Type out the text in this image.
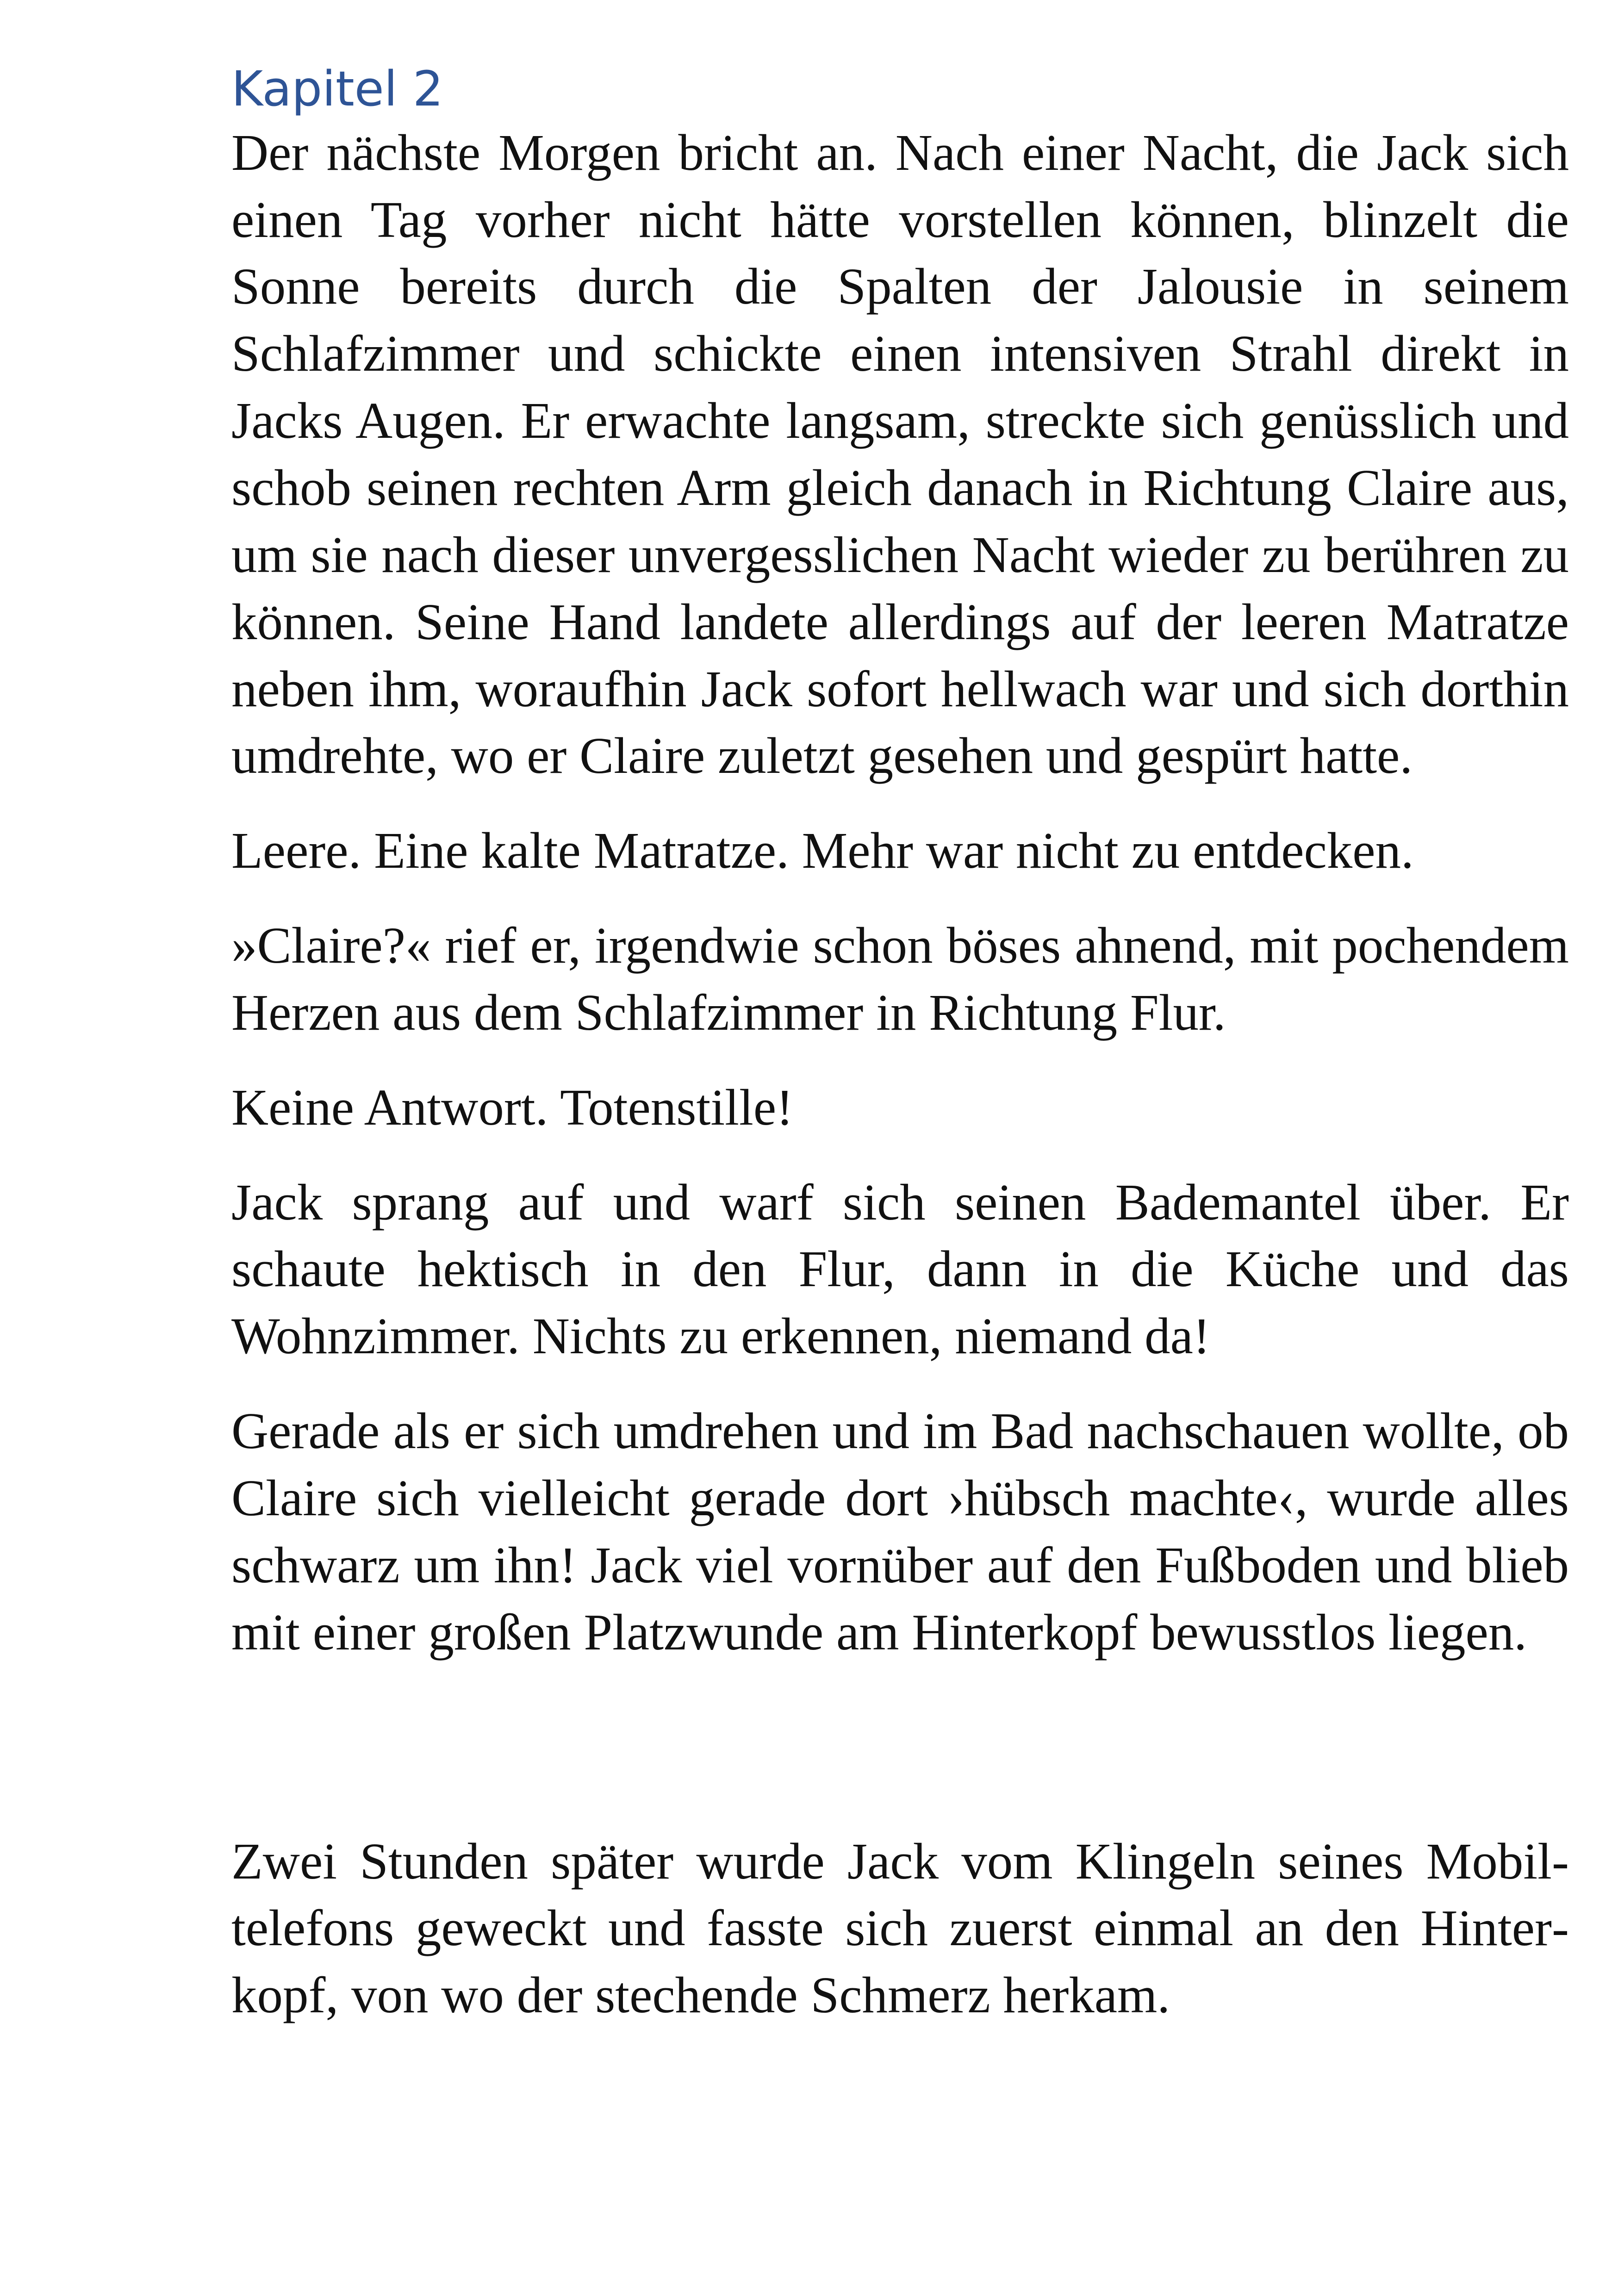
Kapitel 2

Der nächste Morgen bricht an. Nach einer Nacht, die Jack sich einen Tag vorher nicht hätte vorstellen können, blinzelt die Sonne bereits durch die Spalten der Jalousie in seinem Schlafzimmer und schickte einen intensiven Strahl direkt in Jacks Augen. Er erwachte langsam, streckte sich genüsslich und schob seinen rechten Arm gleich danach in Richtung Claire aus, um sie nach dieser unvergesslichen Nacht wieder zu berühren zu können. Seine Hand landete allerdings auf der leeren Matratze neben ihm, woraufhin Jack sofort hellwach war und sich dorthin umdrehte, wo er Claire zuletzt gesehen und gespürt hatte.

Leere. Eine kalte Matratze. Mehr war nicht zu entdecken.

»Claire?« rief er, irgendwie schon böses ahnend, mit pochendem Herzen aus dem Schlafzimmer in Richtung Flur.

Keine Antwort. Totenstille!

Jack sprang auf und warf sich seinen Bademantel über. Er schaute hektisch in den Flur, dann in die Küche und das Wohnzimmer. Nichts zu erkennen, niemand da!

Gerade als er sich umdrehen und im Bad nachschauen wollte, ob Claire sich vielleicht gerade dort ›hübsch machte‹, wurde alles schwarz um ihn! Jack viel vornüber auf den Fußboden und blieb mit einer großen Platzwunde am Hinterkopf bewusstlos liegen.

Zwei Stunden später wurde Jack vom Klingeln seines Mobiltelefons geweckt und fasste sich zuerst einmal an den Hinterkopf, von wo der stechende Schmerz herkam.
